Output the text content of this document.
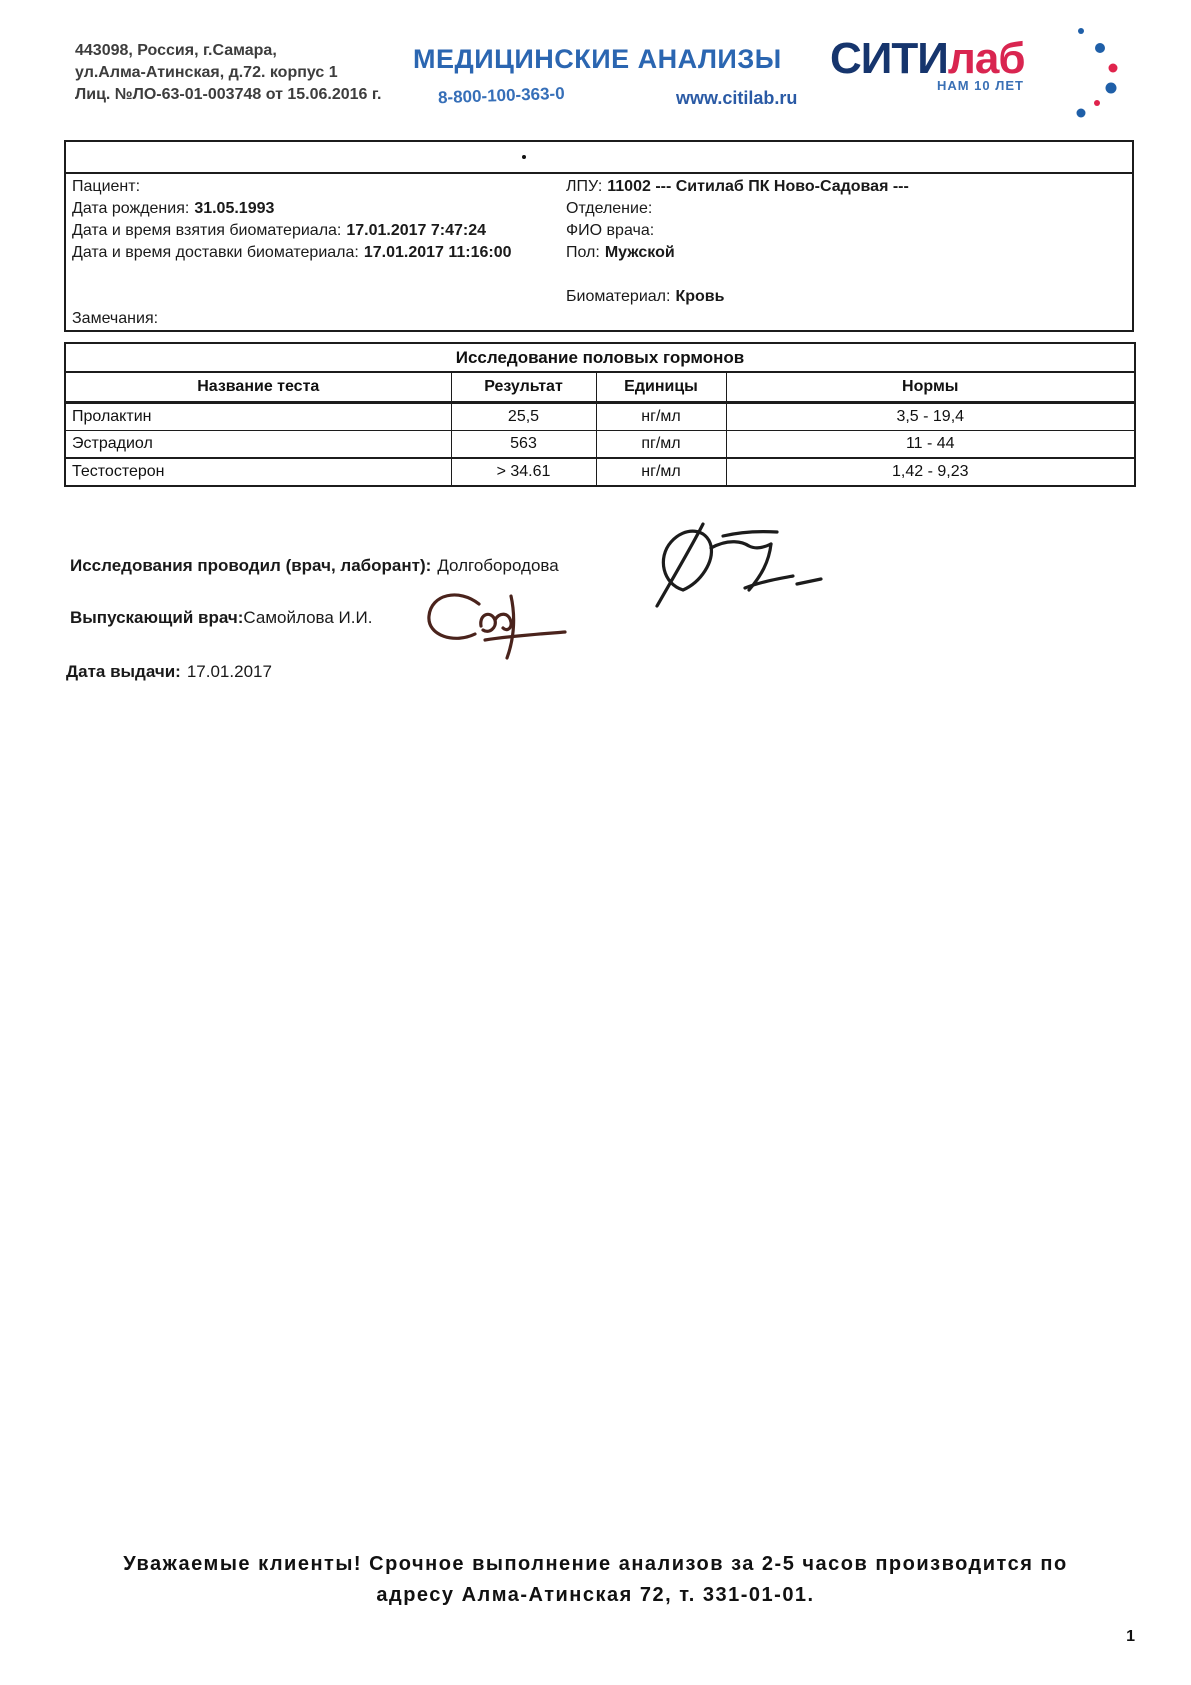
443098, Россия, г.Самара,
ул.Алма-Атинская, д.72. корпус 1
Лиц. №ЛО-63-01-003748 от 15.06.2016 г.
МЕДИЦИНСКИЕ АНАЛИЗЫ
8-800-100-363-0	www.citilab.ru
СИТИлаб
НАМ 10 ЛЕТ
Пациент:
Дата рождения: 31.05.1993
Дата и время взятия биоматериала: 17.01.2017 7:47:24
Дата и время доставки биоматериала: 17.01.2017 11:16:00
ЛПУ: 11002 --- Ситилаб ПК Ново-Садовая ---
Отделение:
ФИО врача:
Пол: Мужской
Биоматериал: Кровь
Замечания:
Исследование половых гормонов			
Название теста	Результат	Единицы	Нормы
Пролактин	25,5	нг/мл	3,5 - 19,4
Эстрадиол	563	пг/мл	11 - 44
Тестостерон	> 34.61	нг/мл	1,42 - 9,23
Исследования проводил (врач, лаборант): Долгобородова
Выпускающий врач:Самойлова И.И.
Дата выдачи: 17.01.2017
Уважаемые клиенты! Срочное выполнение анализов за 2-5 часов производится по
адресу Алма-Атинская 72, т. 331-01-01.
1
